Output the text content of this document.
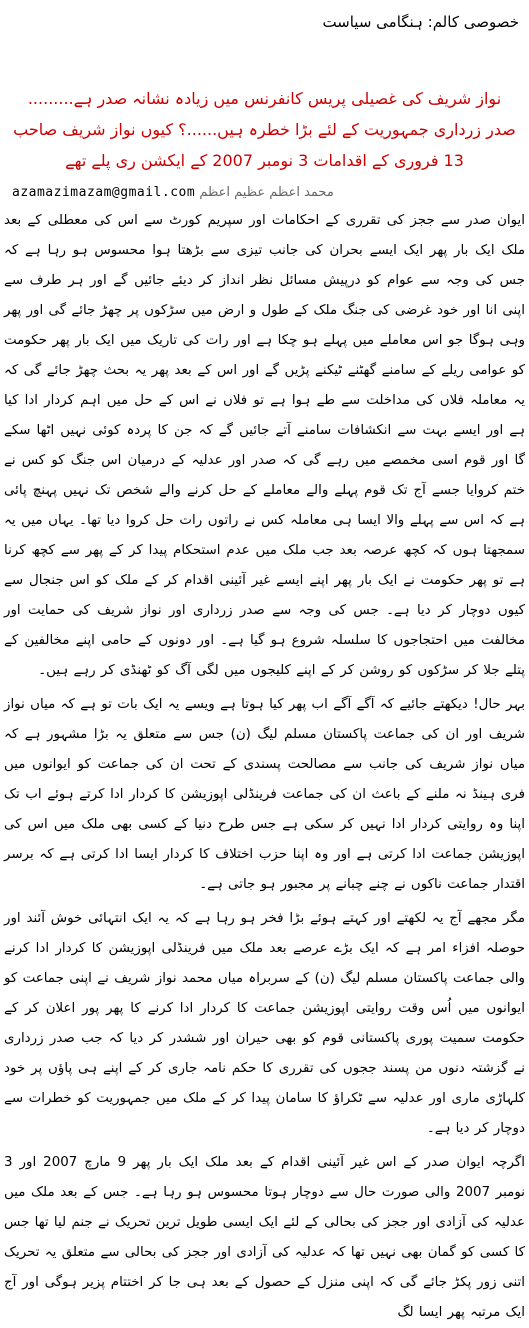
خصوصی کالم: ہنگامی سیاست
نواز شریف کی غصیلی پریس کانفرنس میں زیادہ نشانہ صدر ہے.........
صدر زرداری جمہوریت کے لئے بڑا خطرہ ہیں......؟ کیوں نواز شریف صاحب
13 فروری کے اقدامات 3 نومبر 2007 کے ایکشن ری پلے تھے
azamazimazam@gmail.com محمد اعظم عظیم اعظم

ایوان صدر سے ججز کی تقرری کے احکامات اور سپریم کورٹ سے اس کی معطلی کے بعد ملک ایک بار پھر ایک ایسے بحران کی جانب تیزی سے بڑھتا ہوا محسوس ہو رہا ہے کہ جس کی وجہ سے عوام کو درپیش مسائل نظر انداز کر دیئے جائیں گے اور ہر طرف سے اپنی انا اور خود غرضی کی جنگ ملک کے طول و ارض میں سڑکوں پر چھڑ جائے گی اور پھر وہی ہوگا جو اس معاملے میں پہلے ہو چکا ہے اور رات کی تاریک میں ایک بار پھر حکومت کو عوامی ریلے کے سامنے گھٹنے ٹیکنے پڑیں گے اور اس کے بعد پھر یہ بحث چھڑ جائے گی کہ یہ معاملہ فلاں کی مداخلت سے طے ہوا ہے تو فلاں نے اس کے حل میں اہم کردار ادا کیا ہے اور ایسے بہت سے انکشافات سامنے آتے جائیں گے کہ جن کا پردہ کوئی نہیں اٹھا سکے گا اور قوم اسی مخمصے میں رہے گی کہ صدر اور عدلیہ کے درمیان اس جنگ کو کس نے ختم کروایا جسے آج تک قوم پہلے والے معاملے کے حل کرنے والے شخص تک نہیں پہنچ پائی ہے کہ اس سے پہلے والا ایسا ہی معاملہ کس نے راتوں رات حل کروا دیا تھا۔ یہاں میں یہ سمجھتا ہوں کہ کچھ عرصہ بعد جب ملک میں عدم استحکام پیدا کر کے پھر سے کچھ کرنا ہے تو پھر حکومت نے ایک بار پھر اپنے ایسے غیر آئینی اقدام کر کے ملک کو اس جنجال سے کیوں دوچار کر دیا ہے۔ جس کی وجہ سے صدر زرداری اور نواز شریف کی حمایت اور مخالفت میں احتجاجوں کا سلسلہ شروع ہو گیا ہے۔ اور دونوں کے حامی اپنے مخالفین کے پتلے جلا کر سڑکوں کو روشن کر کے اپنے کلیجوں میں لگی آگ کو ٹھنڈی کر رہے ہیں۔

بہر حال! دیکھتے جائیے کہ آگے آگے اب پھر کیا ہوتا ہے ویسے یہ ایک بات تو ہے کہ میاں نواز شریف اور ان کی جماعت پاکستان مسلم لیگ (ن) جس سے متعلق یہ بڑا مشہور ہے کہ میاں نواز شریف کی جانب سے مصالحت پسندی کے تحت ان کی جماعت کو ایوانوں میں فری ہینڈ نہ ملنے کے باعث ان کی جماعت فرینڈلی اپوزیشن کا کردار ادا کرتے ہوئے اب تک اپنا وہ روایتی کردار ادا نہیں کر سکی ہے جس طرح دنیا کے کسی بھی ملک میں اس کی اپوزیشن جماعت ادا کرتی ہے اور وہ اپنا حزب اختلاف کا کردار ایسا ادا کرتی ہے کہ برسر اقتدار جماعت ناکوں نے چنے چبانے پر مجبور ہو جاتی ہے۔

مگر مجھے آج یہ لکھتے اور کہتے ہوئے بڑا فخر ہو رہا ہے کہ یہ ایک انتہائی خوش آئند اور حوصلہ افزاء امر ہے کہ ایک بڑے عرصے بعد ملک میں فرینڈلی اپوزیشن کا کردار ادا کرنے والی جماعت پاکستان مسلم لیگ (ن) کے سربراہ میاں محمد نواز شریف نے اپنی جماعت کو ایوانوں میں اُس وقت روایتی اپوزیشن جماعت کا کردار ادا کرنے کا پھر پور اعلان کر کے حکومت سمیت پوری پاکستانی قوم کو بھی حیران اور ششدر کر دیا کہ جب صدر زرداری نے گزشتہ دنوں من پسند ججوں کی تقرری کا حکم نامہ جاری کر کے اپنے ہی پاؤں پر خود کلہاڑی ماری اور عدلیہ سے ٹکراؤ کا سامان پیدا کر کے ملک میں جمہوریت کو خطرات سے دوچار کر دیا ہے۔

اگرچہ ایوان صدر کے اس غیر آئینی اقدام کے بعد ملک ایک بار پھر 9 مارچ 2007 اور 3 نومبر 2007 والی صورت حال سے دوچار ہوتا محسوس ہو رہا ہے۔ جس کے بعد ملک میں عدلیہ کی آزادی اور ججز کی بحالی کے لئے ایک ایسی طویل ترین تحریک نے جنم لیا تھا جس کا کسی کو گمان بھی نہیں تھا کہ عدلیہ کی آزادی اور ججز کی بحالی سے متعلق یہ تحریک اتنی زور پکڑ جائے گی کہ اپنی منزل کے حصول کے بعد ہی جا کر اختتام پزیر ہوگی اور آج ایک مرتبہ پھر ایسا لگ
